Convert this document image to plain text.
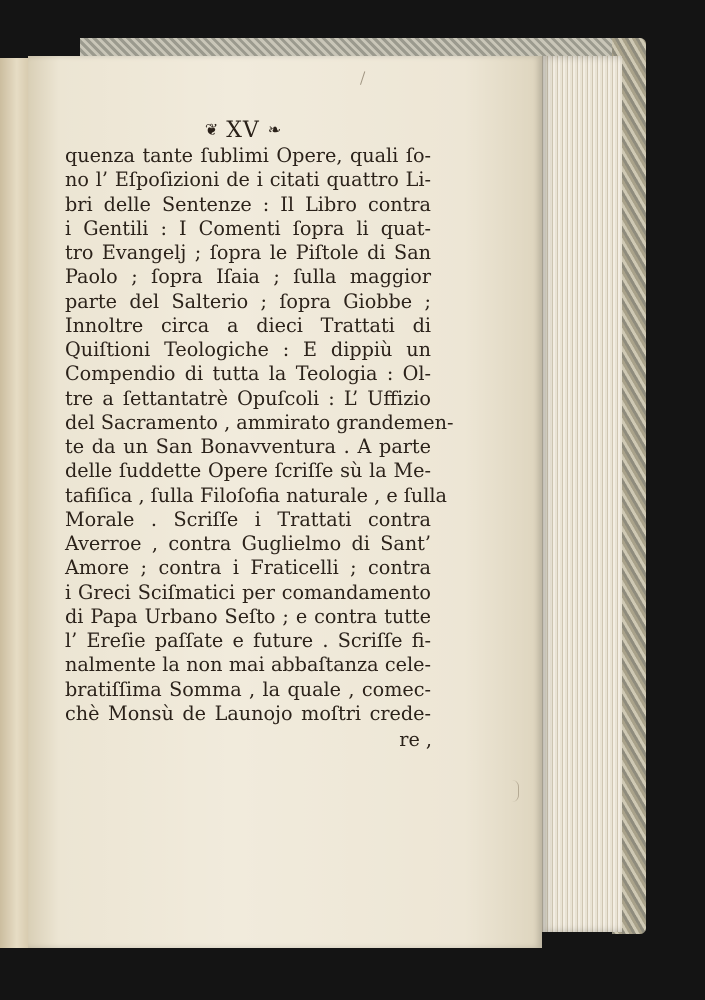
❦ XV ❧
quenza tante ſublimi Opere, quali ſo-
no l’ Eſpoſizioni de i citati quattro Li-
bri delle Sentenze : Il Libro contra
i Gentili : I Comenti ſopra li quat-
tro Evangelj ; ſopra le Piſtole di San
Paolo ; ſopra Iſaia ; ſulla maggior
parte del Salterio ; ſopra Giobbe ;
Innoltre circa a dieci Trattati di
Quiſtioni Teologiche : E dippiù un
Compendio di tutta la Teologia : Ol-
tre a ſettantatrè Opuſcoli : L’ Uffizio
del Sacramento , ammirato grandemen-
te da un San Bonavventura . A parte
delle ſuddette Opere ſcriſſe sù la Me-
tafiſica , ſulla Filoſofia naturale , e ſulla
Morale . Scriſſe i Trattati contra
Averroe , contra Guglielmo di Sant’
Amore ; contra i Fraticelli ; contra
i Greci Sciſmatici per comandamento
di Papa Urbano Seſto ; e contra tutte
l’ Ereſie paſſate e future . Scriſſe fi-
nalmente la non mai abbaſtanza cele-
bratiſſima Somma , la quale , comec-
chè Monsù de Launojo moſtri crede-
re ,
